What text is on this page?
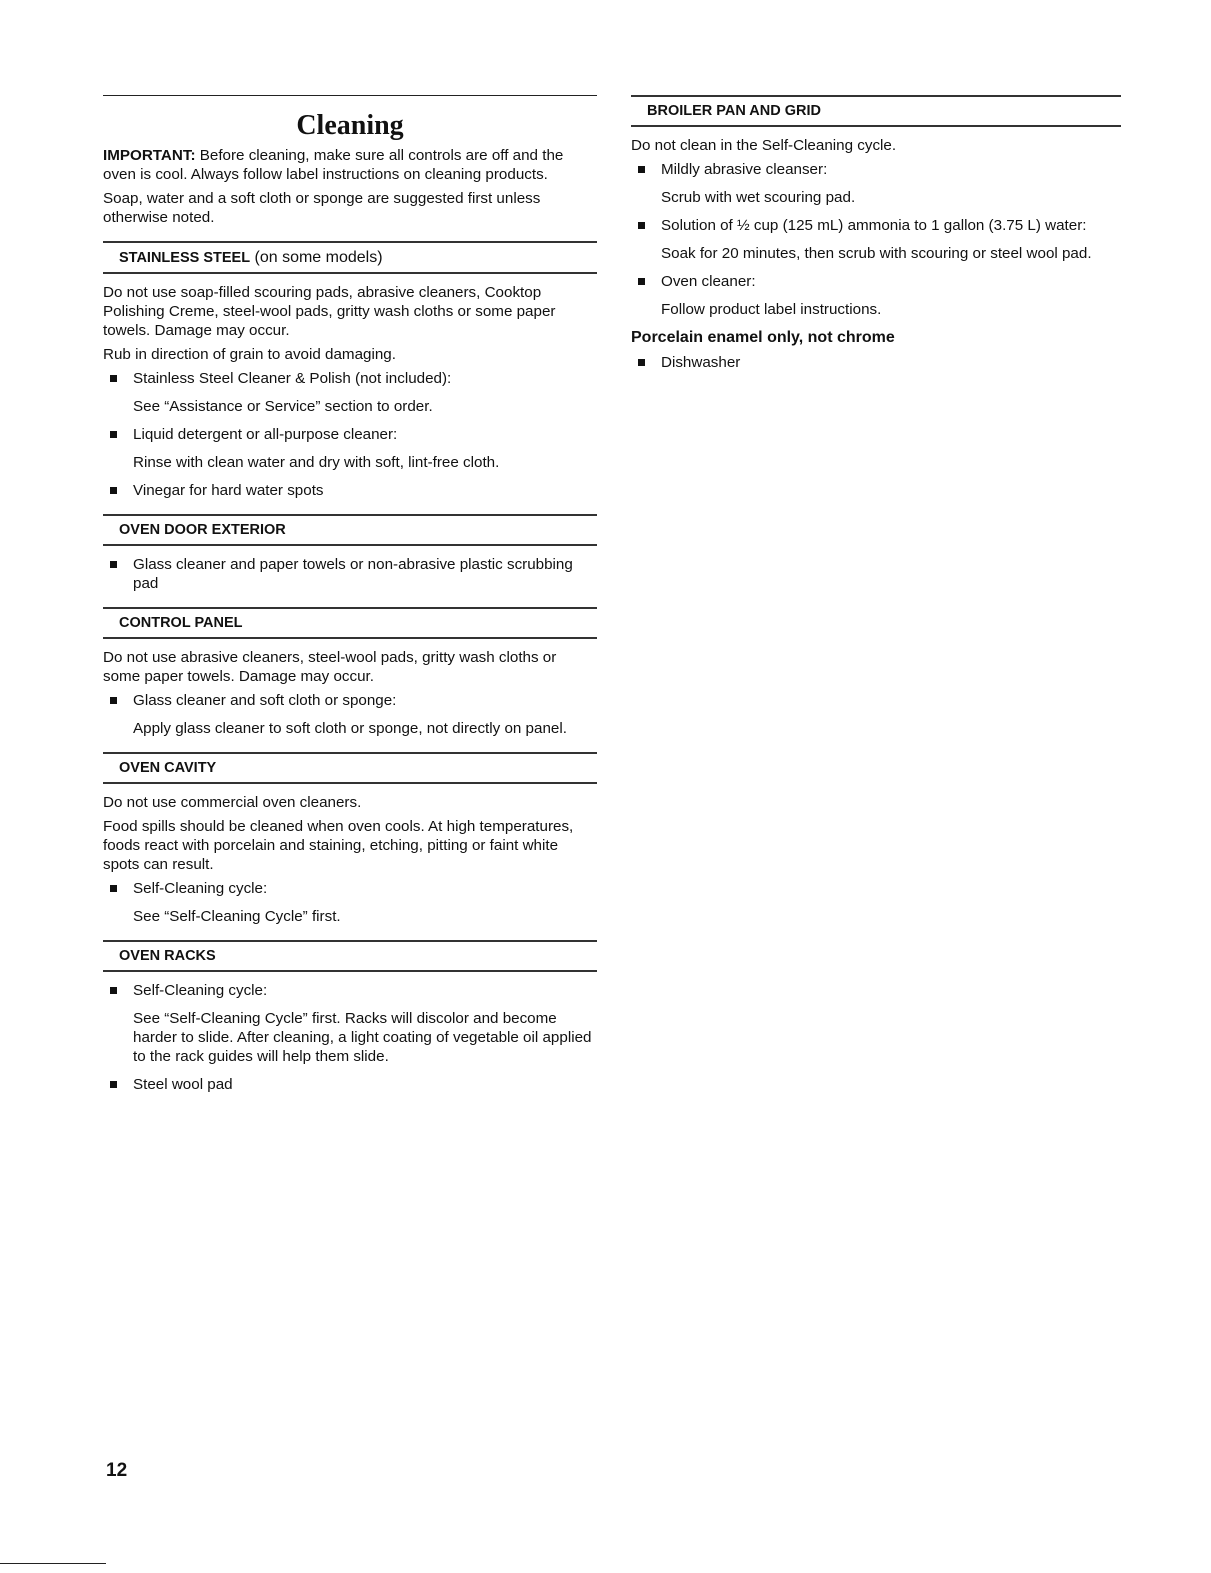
Cleaning

IMPORTANT: Before cleaning, make sure all controls are off and the oven is cool. Always follow label instructions on cleaning products.

Soap, water and a soft cloth or sponge are suggested first unless otherwise noted.

STAINLESS STEEL (on some models)

Do not use soap-filled scouring pads, abrasive cleaners, Cooktop Polishing Creme, steel-wool pads, gritty wash cloths or some paper towels. Damage may occur.

Rub in direction of grain to avoid damaging.

Stainless Steel Cleaner & Polish (not included):
See “Assistance or Service” section to order.
Liquid detergent or all-purpose cleaner:
Rinse with clean water and dry with soft, lint-free cloth.
Vinegar for hard water spots
OVEN DOOR EXTERIOR
Glass cleaner and paper towels or non-abrasive plastic scrubbing pad
CONTROL PANEL

Do not use abrasive cleaners, steel-wool pads, gritty wash cloths or some paper towels. Damage may occur.

Glass cleaner and soft cloth or sponge:
Apply glass cleaner to soft cloth or sponge, not directly on panel.
OVEN CAVITY

Do not use commercial oven cleaners.

Food spills should be cleaned when oven cools. At high temperatures, foods react with porcelain and staining, etching, pitting or faint white spots can result.

Self-Cleaning cycle:
See “Self-Cleaning Cycle” first.
OVEN RACKS
Self-Cleaning cycle:
See “Self-Cleaning Cycle” first. Racks will discolor and become harder to slide. After cleaning, a light coating of vegetable oil applied to the rack guides will help them slide.
Steel wool pad
BROILER PAN AND GRID

Do not clean in the Self-Cleaning cycle.

Mildly abrasive cleanser:
Scrub with wet scouring pad.
Solution of ½ cup (125 mL) ammonia to 1 gallon (3.75 L) water:
Soak for 20 minutes, then scrub with scouring or steel wool pad.
Oven cleaner:
Follow product label instructions.
Porcelain enamel only, not chrome
Dishwasher
12
